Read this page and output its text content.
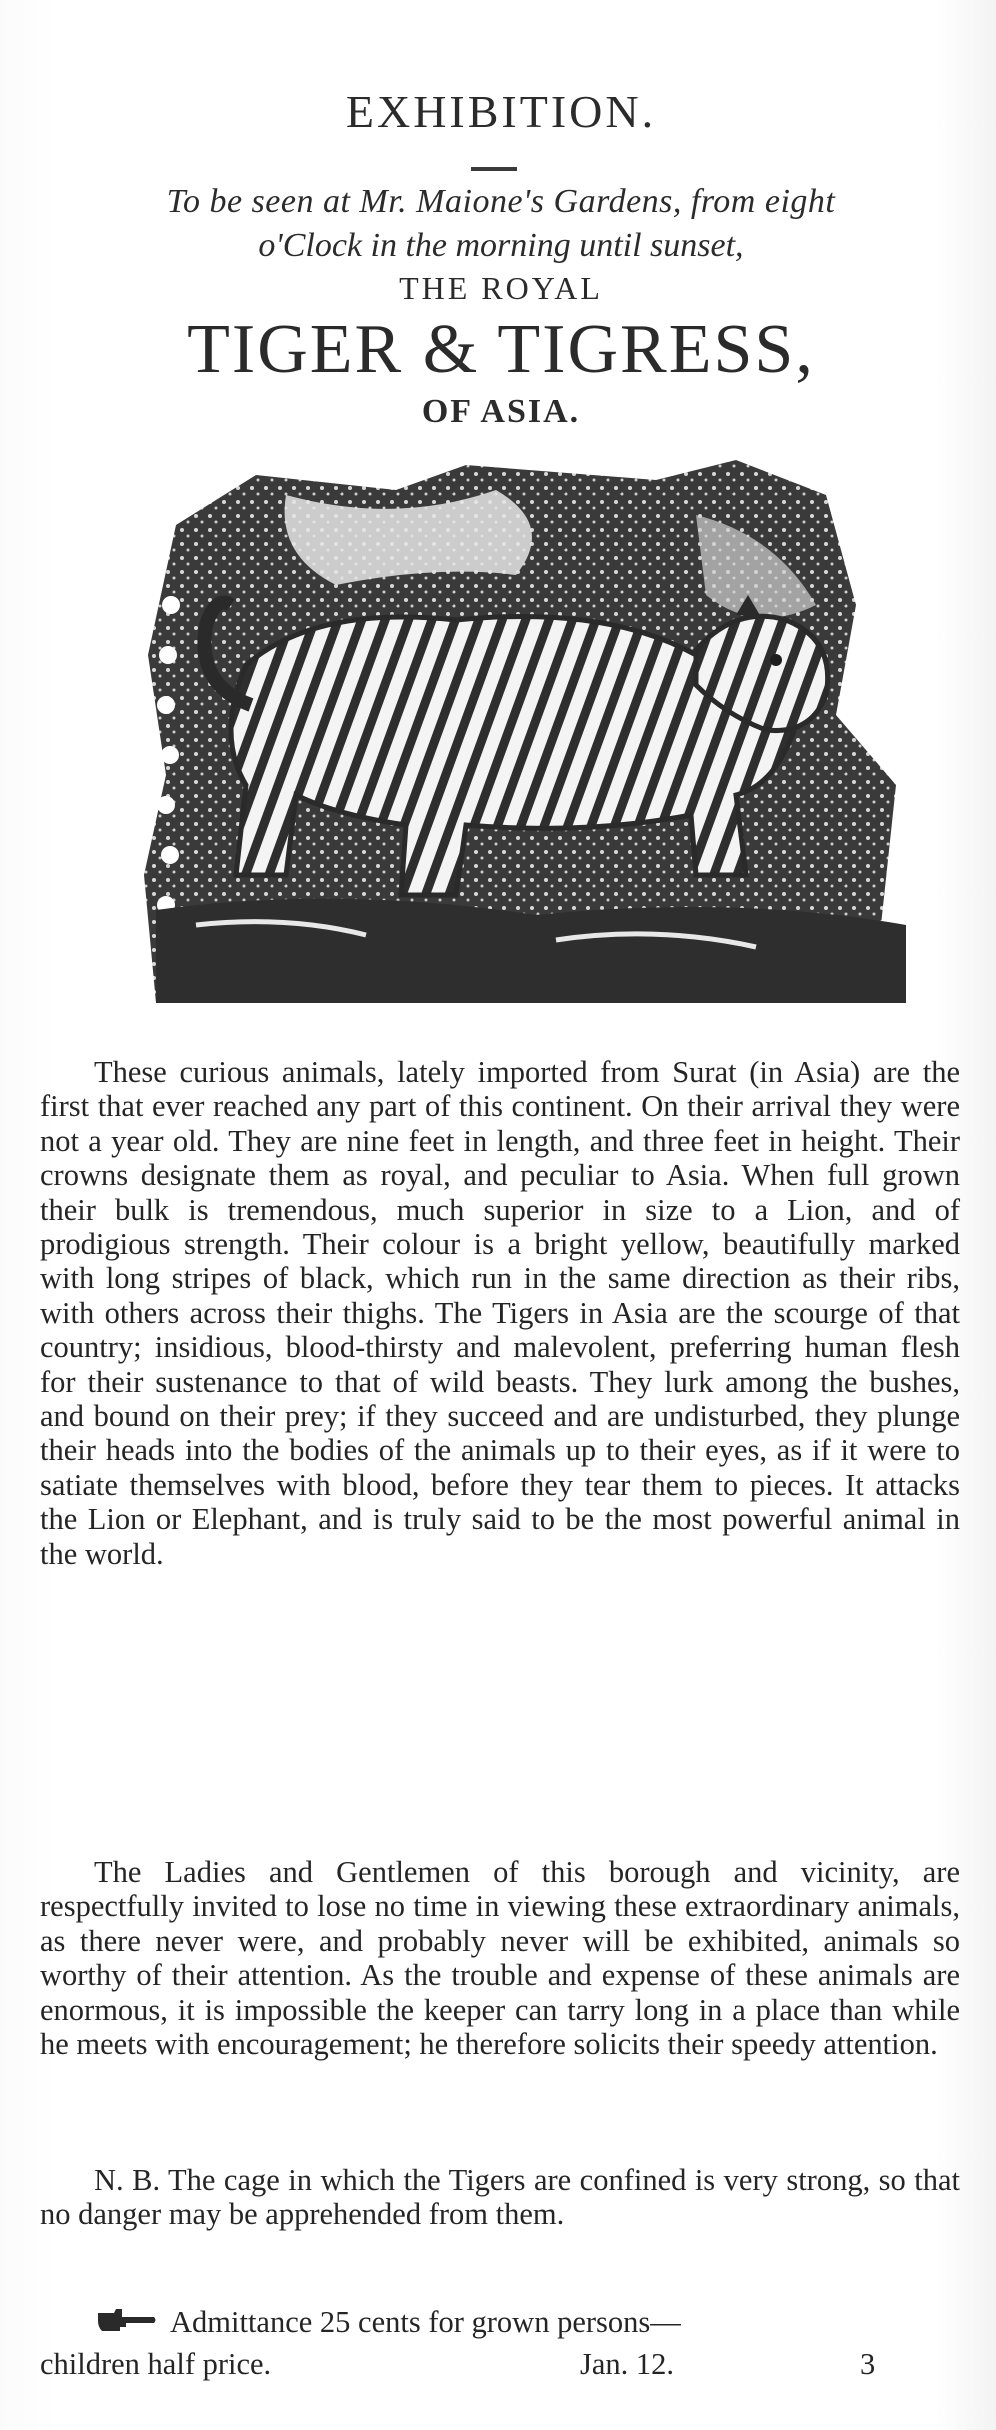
EXHIBITION.
To be seen at Mr. Maione's Gardens, from eight
o'Clock in the morning until sunset,
THE ROYAL
TIGER & TIGRESS,
OF ASIA.

These curious animals, lately imported from Surat (in Asia) are the first that ever reached any part of this continent. On their arrival they were not a year old. They are nine feet in length, and three feet in height. Their crowns designate them as royal, and peculiar to Asia. When full grown their bulk is tremendous, much superior in size to a Lion, and of prodigious strength. Their colour is a bright yellow, beautifully marked with long stripes of black, which run in the same direction as their ribs, with others across their thighs. The Tigers in Asia are the scourge of that country; insidious, blood-thirsty and malevolent, preferring human flesh for their sustenance to that of wild beasts. They lurk among the bushes, and bound on their prey; if they succeed and are undisturbed, they plunge their heads into the bodies of the animals up to their eyes, as if it were to satiate themselves with blood, before they tear them to pieces. It attacks the Lion or Elephant, and is truly said to be the most powerful animal in the world.

The Ladies and Gentlemen of this borough and vicinity, are respectfully invited to lose no time in viewing these extraordinary animals, as there never were, and probably never will be exhibited, animals so worthy of their attention. As the trouble and expense of these animals are enormous, it is impossible the keeper can tarry long in a place than while he meets with encouragement; he therefore solicits their speedy attention.

N. B. The cage in which the Tigers are confined is very strong, so that no danger may be apprehended from them.

Admittance 25 cents for grown persons—
children half price.	Jan. 12.	3
